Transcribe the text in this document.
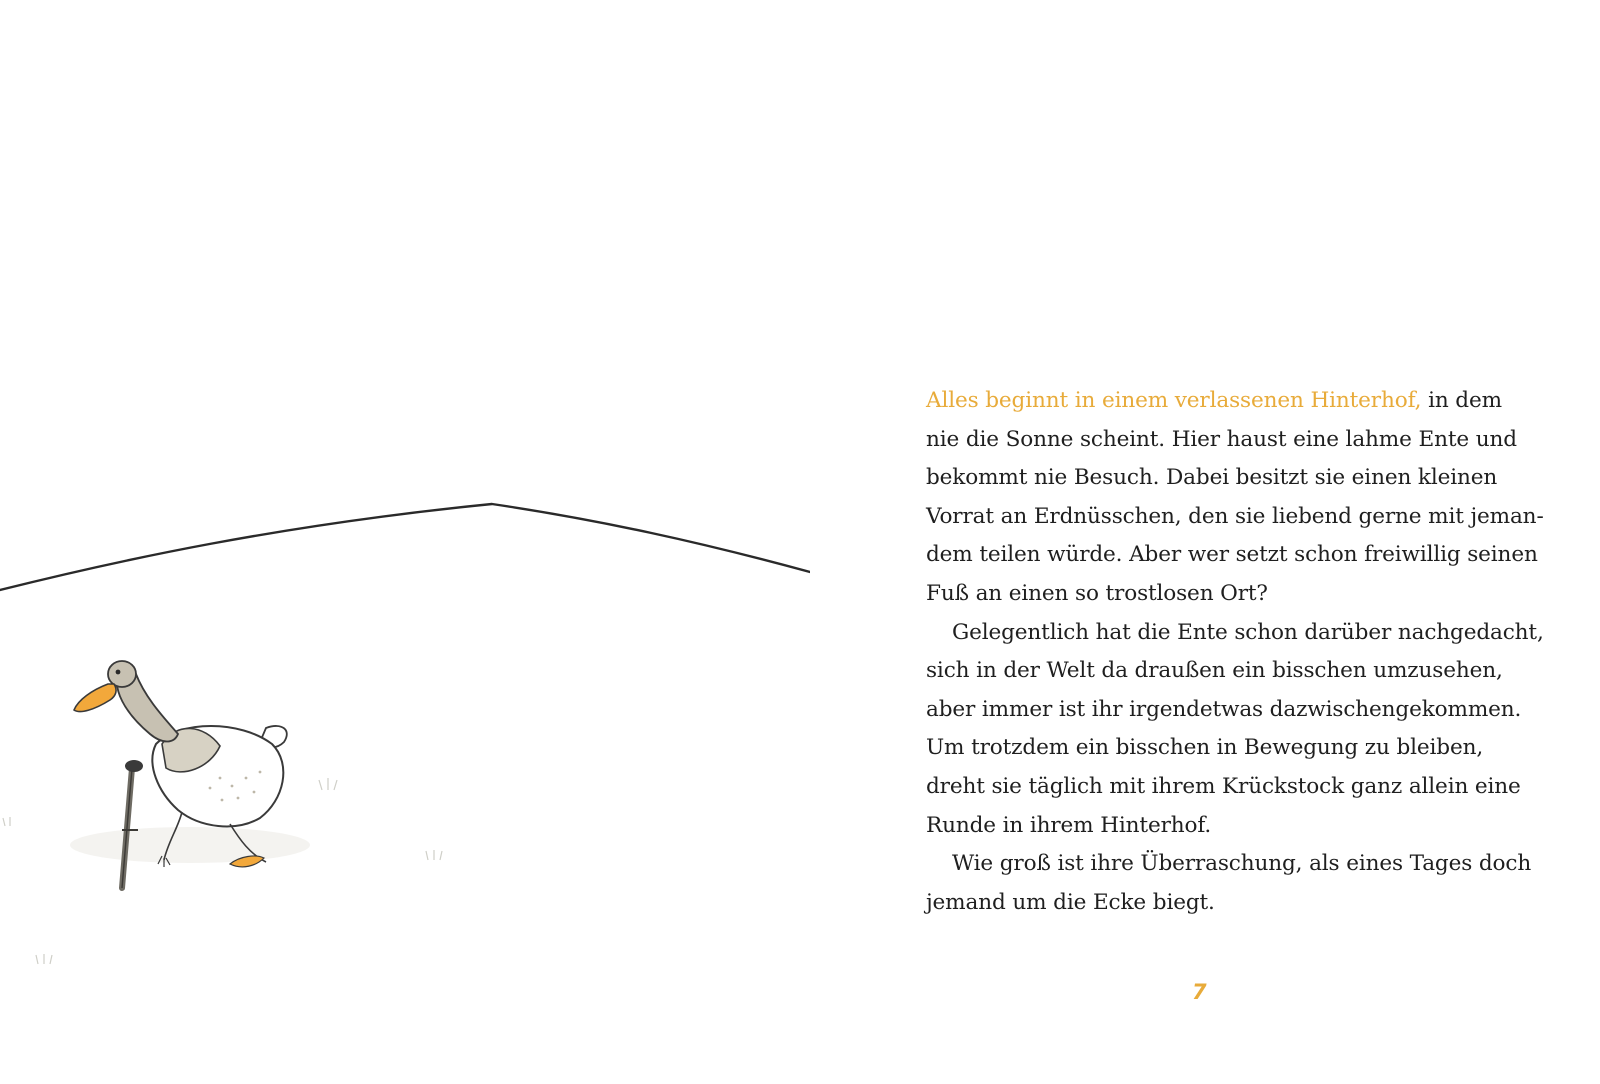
Alles beginnt in einem verlassenen Hinterhof, in dem
nie die Sonne scheint. Hier haust eine lahme Ente und
bekommt nie Besuch. Dabei besitzt sie einen kleinen
Vorrat an Erdnüsschen, den sie liebend gerne mit jeman-
dem teilen würde. Aber wer setzt schon freiwillig seinen
Fuß an einen so trostlosen Ort?

Gelegentlich hat die Ente schon darüber nachgedacht,
sich in der Welt da draußen ein bisschen umzusehen,
aber immer ist ihr irgendetwas dazwischengekommen.
Um trotzdem ein bisschen in Bewegung zu bleiben,
dreht sie täglich mit ihrem Krückstock ganz allein eine
Runde in ihrem Hinterhof.

Wie groß ist ihre Überraschung, als eines Tages doch
jemand um die Ecke biegt.

7
